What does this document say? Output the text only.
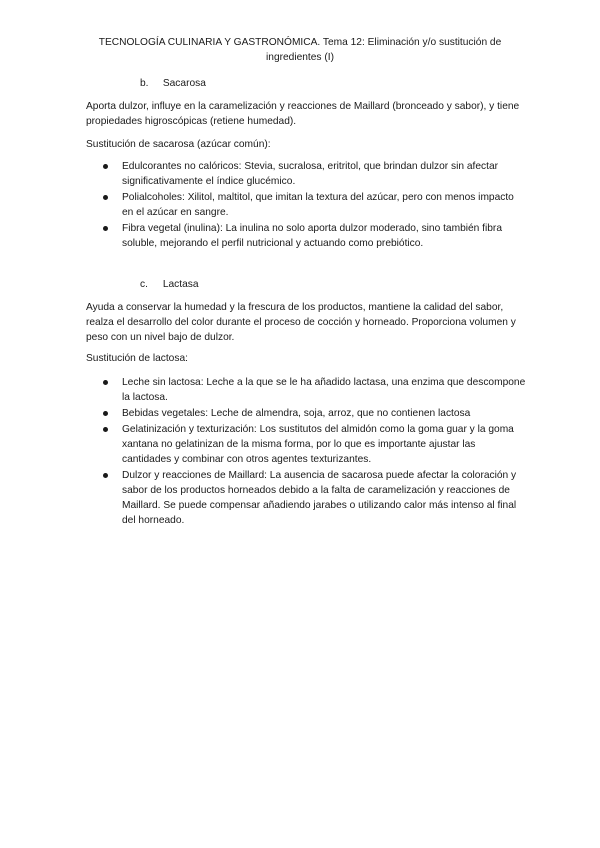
TECNOLOGÍA CULINARIA Y GASTRONÓMICA. Tema 12: Eliminación y/o sustitución de ingredientes (I)
b. Sacarosa

Aporta dulzor, influye en la caramelización y reacciones de Maillard (bronceado y sabor), y tiene propiedades higroscópicas (retiene humedad).

Sustitución de sacarosa (azúcar común):

Edulcorantes no calóricos: Stevia, sucralosa, eritritol, que brindan dulzor sin afectar significativamente el índice glucémico.
Polialcoholes: Xilitol, maltitol, que imitan la textura del azúcar, pero con menos impacto en el azúcar en sangre.
Fibra vegetal (inulina): La inulina no solo aporta dulzor moderado, sino también fibra soluble, mejorando el perfil nutricional y actuando como prebiótico.
c. Lactasa

Ayuda a conservar la humedad y la frescura de los productos, mantiene la calidad del sabor, realza el desarrollo del color durante el proceso de cocción y horneado. Proporciona volumen y peso con un nivel bajo de dulzor.

Sustitución de lactosa:

Leche sin lactosa: Leche a la que se le ha añadido lactasa, una enzima que descompone la lactosa.
Bebidas vegetales: Leche de almendra, soja, arroz, que no contienen lactosa
Gelatinización y texturización: Los sustitutos del almidón como la goma guar y la goma xantana no gelatinizan de la misma forma, por lo que es importante ajustar las cantidades y combinar con otros agentes texturizantes.
Dulzor y reacciones de Maillard: La ausencia de sacarosa puede afectar la coloración y sabor de los productos horneados debido a la falta de caramelización y reacciones de Maillard. Se puede compensar añadiendo jarabes o utilizando calor más intenso al final del horneado.
